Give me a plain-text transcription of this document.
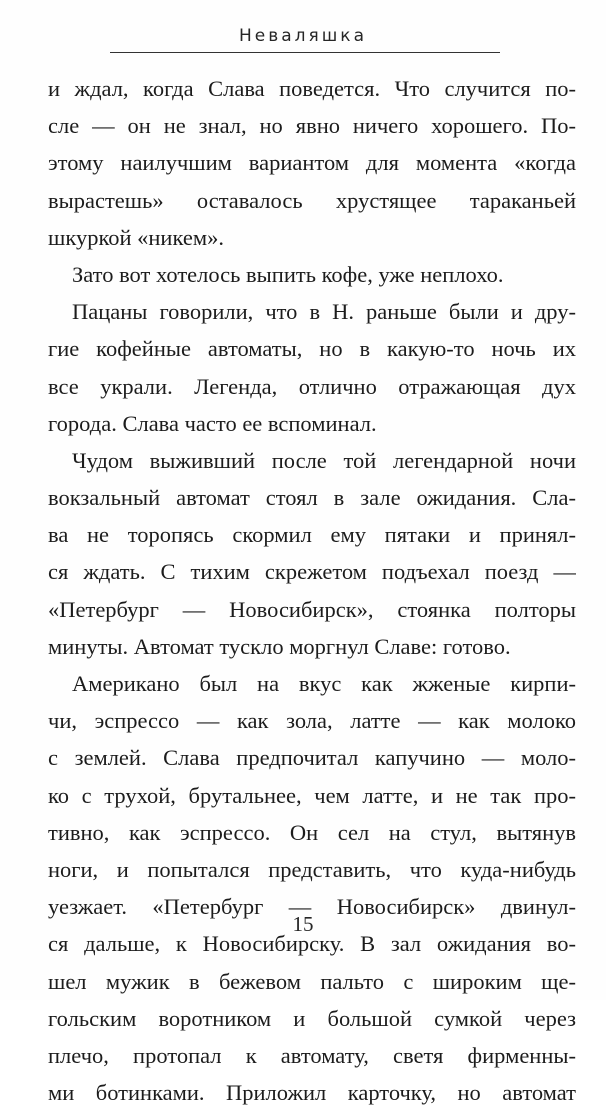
Неваляшка
и ждал, когда Слава поведется. Что случится по-
сле — он не знал, но явно ничего хорошего. По-
этому наилучшим вариантом для момента «когда
вырастешь» оставалось хрустящее тараканьей
шкуркой «никем».
Зато вот хотелось выпить кофе, уже неплохо.
Пацаны говорили, что в Н. раньше были и дру-
гие кофейные автоматы, но в какую-то ночь их
все украли. Легенда, отлично отражающая дух
города. Слава часто ее вспоминал.
Чудом выживший после той легендарной ночи
вокзальный автомат стоял в зале ожидания. Сла-
ва не торопясь скормил ему пятаки и принял-
ся ждать. С тихим скрежетом подъехал поезд —
«Петербург — Новосибирск», стоянка полторы
минуты. Автомат тускло моргнул Славе: готово.
Американо был на вкус как жженые кирпи-
чи, эспрессо — как зола, латте — как молоко
с землей. Слава предпочитал капучино — моло-
ко с трухой, брутальнее, чем латте, и не так про-
тивно, как эспрессо. Он сел на стул, вытянув
ноги, и попытался представить, что куда-нибудь
уезжает. «Петербург — Новосибирск» двинул-
ся дальше, к Новосибирску. В зал ожидания во-
шел мужик в бежевом пальто с широким ще-
гольским воротником и большой сумкой через
плечо, протопал к автомату, светя фирменны-
ми ботинками. Приложил карточку, но автомат
15
